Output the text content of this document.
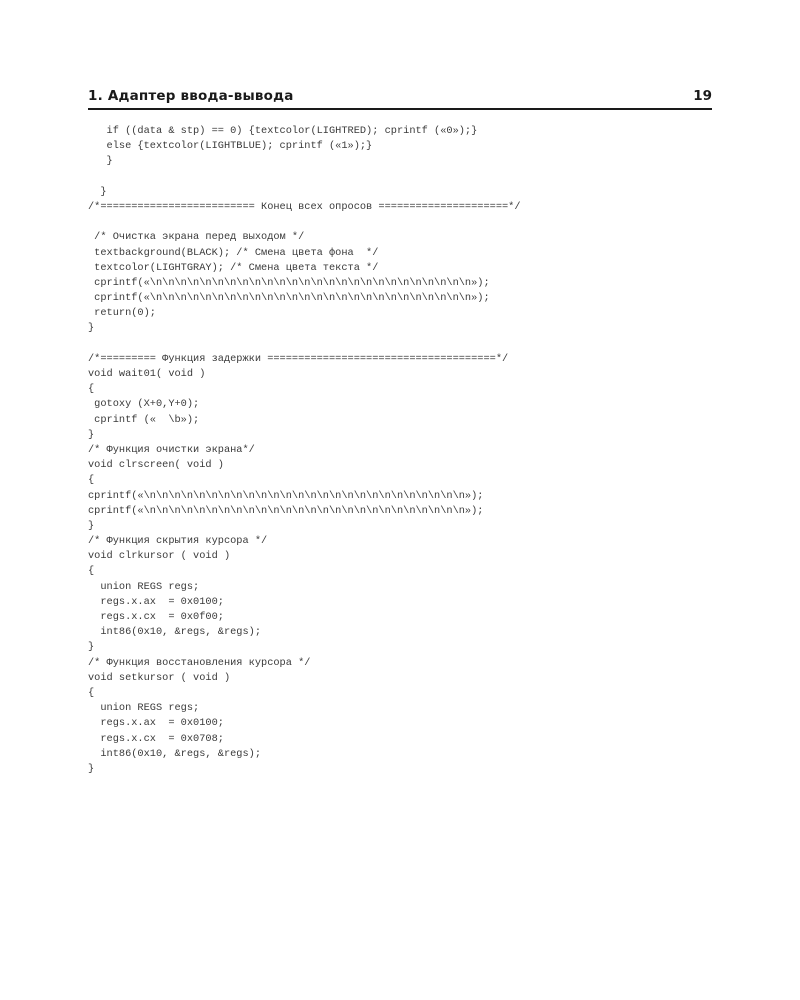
1. Адаптер ввода-вывода	19
if ((data & stp) == 0) {textcolor(LIGHTRED); cprintf («0»);}
else {textcolor(LIGHTBLUE); cprintf («1»);}
}
}
/*========================= Конец всех опросов =====================*/
/* Очистка экрана перед выходом */
textbackground(BLACK); /* Смена цвета фона  */
textcolor(LIGHTGRAY); /* Смена цвета текста */
cprintf(«\n\n\n\n\n\n\n\n\n\n\n\n\n\n\n\n\n\n\n\n\n\n\n\n\n\n»);
cprintf(«\n\n\n\n\n\n\n\n\n\n\n\n\n\n\n\n\n\n\n\n\n\n\n\n\n\n»);
return(0);
}
/*========= Функция задержки =====================================*/
void wait01( void )
{
gotoxy (X+0,Y+0);
cprintf («  \b»);
}
/* Функция очистки экрана*/
void clrscreen( void )
{
cprintf(«\n\n\n\n\n\n\n\n\n\n\n\n\n\n\n\n\n\n\n\n\n\n\n\n\n\n»);
cprintf(«\n\n\n\n\n\n\n\n\n\n\n\n\n\n\n\n\n\n\n\n\n\n\n\n\n\n»);
}
/* Функция скрытия курсора */
void clrkursor ( void )
{
union REGS regs;
regs.x.ax  = 0x0100;
regs.x.cx  = 0x0f00;
int86(0x10, &regs, &regs);
}
/* Функция восстановления курсора */
void setkursor ( void )
{
union REGS regs;
regs.x.ax  = 0x0100;
regs.x.cx  = 0x0708;
int86(0x10, &regs, &regs);
}
